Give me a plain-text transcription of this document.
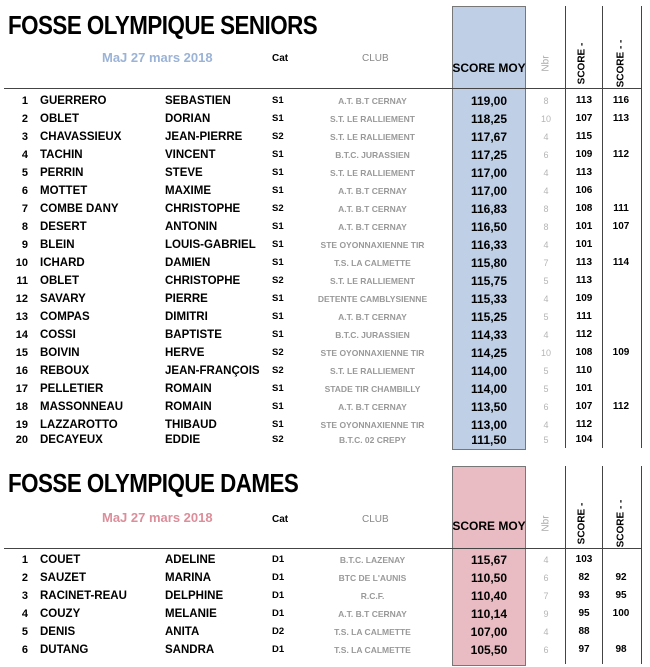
FOSSE OLYMPIQUE SENIORS
MaJ 27 mars 2018	Cat	CLUB
SCORE MOY Nbr	SCORE -	SCORE - -
1 GUERRERO	SEBASTIEN	S1	A.T. B.T CERNAY	119,00	8	113	116
2 OBLET	DORIAN	S1	S.T. LE RALLIEMENT	118,25	10	107	113
3 CHAVASSIEUX	JEAN-PIERRE	S2	S.T. LE RALLIEMENT	117,67	4	115
4 TACHIN	VINCENT	S1	B.T.C. JURASSIEN	117,25	6	109	112
5 PERRIN	STEVE	S1	S.T. LE RALLIEMENT	117,00	4	113
6 MOTTET	MAXIME	S1	A.T. B.T CERNAY	117,00	4	106
7 COMBE DANY	CHRISTOPHE	S2	A.T. B.T CERNAY	116,83	8	108	111
8 DESERT	ANTONIN	S1	A.T. B.T CERNAY	116,50	8	101	107
9 BLEIN	LOUIS-GABRIEL S1	STE OYONNAXIENNE TIR	116,33	4	101
10 ICHARD	DAMIEN	S1	T.S. LA CALMETTE	115,80	7	113	114
11 OBLET	CHRISTOPHE	S2	S.T. LE RALLIEMENT	115,75	5	113
12 SAVARY	PIERRE	S1	DETENTE CAMBLYSIENNE	115,33	4	109
13 COMPAS	DIMITRI	S1	A.T. B.T CERNAY	115,25	5	111
14 COSSI	BAPTISTE	S1	B.T.C. JURASSIEN	114,33	4	112
15 BOIVIN	HERVE	S2	STE OYONNAXIENNE TIR	114,25	10	108	109
16 REBOUX	JEAN-FRANÇOIS S2	S.T. LE RALLIEMENT	114,00	5	110
17 PELLETIER	ROMAIN	S1	STADE TIR CHAMBILLY	114,00	5	101
18 MASSONNEAU	ROMAIN	S1	A.T. B.T CERNAY	113,50	6	107	112
19 LAZZAROTTO	THIBAUD	S1	STE OYONNAXIENNE TIR	113,00	4	112
20 DECAYEUX	EDDIE	S2	B.T.C. 02 CREPY	111,50	5	104
FOSSE OLYMPIQUE DAMES
MaJ 27 mars 2018	Cat	CLUB	SCORE MOY Nbr	SCORE -	SCORE - -
1 COUET	ADELINE	D1	B.T.C. LAZENAY	115,67	4	103
2 SAUZET	MARINA	D1	BTC DE L'AUNIS	110,50	6	82	92
3 RACINET-REAU	DELPHINE	D1	R.C.F.	110,40	7	93	95
4 COUZY	MELANIE	D1	A.T. B.T CERNAY	110,14	9	95	100
5 DENIS	ANITA	D2	T.S. LA CALMETTE	107,00	4	88
6 DUTANG	SANDRA	D1	T.S. LA CALMETTE	105,50	6	97	98
